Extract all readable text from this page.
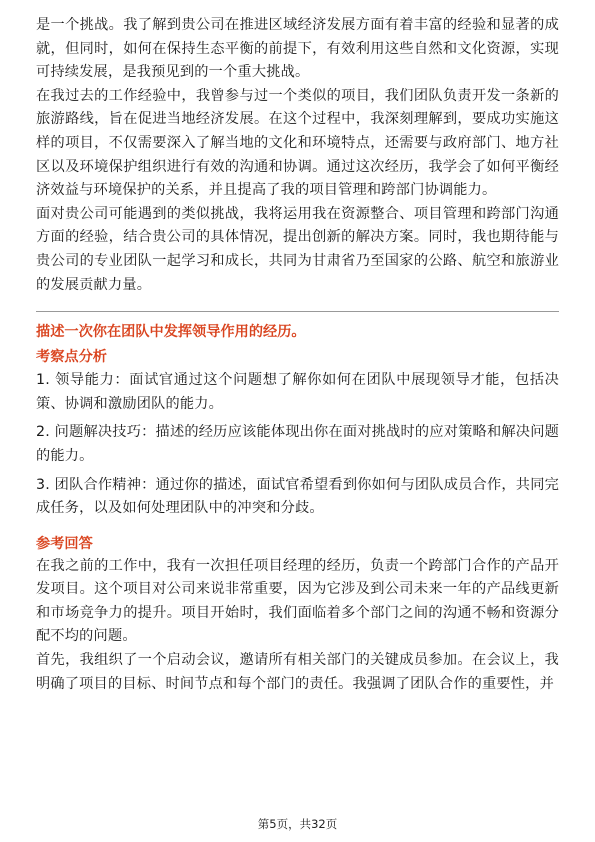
是一个挑战。我了解到贵公司在推进区域经济发展方面有着丰富的经验和显著的成就，但同时，如何在保持生态平衡的前提下，有效利用这些自然和文化资源，实现可持续发展，是我预见到的一个重大挑战。

在我过去的工作经验中，我曾参与过一个类似的项目，我们团队负责开发一条新的旅游路线，旨在促进当地经济发展。在这个过程中，我深刻理解到，要成功实施这样的项目，不仅需要深入了解当地的文化和环境特点，还需要与政府部门、地方社区以及环境保护组织进行有效的沟通和协调。通过这次经历，我学会了如何平衡经济效益与环境保护的关系，并且提高了我的项目管理和跨部门协调能力。

面对贵公司可能遇到的类似挑战，我将运用我在资源整合、项目管理和跨部门沟通方面的经验，结合贵公司的具体情况，提出创新的解决方案。同时，我也期待能与贵公司的专业团队一起学习和成长，共同为甘肃省乃至国家的公路、航空和旅游业的发展贡献力量。

描述一次你在团队中发挥领导作用的经历。

考察点分析

1. 领导能力：面试官通过这个问题想了解你如何在团队中展现领导才能，包括决策、协调和激励团队的能力。

2. 问题解决技巧：描述的经历应该能体现出你在面对挑战时的应对策略和解决问题的能力。

3. 团队合作精神：通过你的描述，面试官希望看到你如何与团队成员合作，共同完成任务，以及如何处理团队中的冲突和分歧。

参考回答

在我之前的工作中，我有一次担任项目经理的经历，负责一个跨部门合作的产品开发项目。这个项目对公司来说非常重要，因为它涉及到公司未来一年的产品线更新和市场竞争力的提升。项目开始时，我们面临着多个部门之间的沟通不畅和资源分配不均的问题。

首先，我组织了一个启动会议，邀请所有相关部门的关键成员参加。在会议上，我明确了项目的目标、时间节点和每个部门的责任。我强调了团队合作的重要性，并

第5页，共32页
